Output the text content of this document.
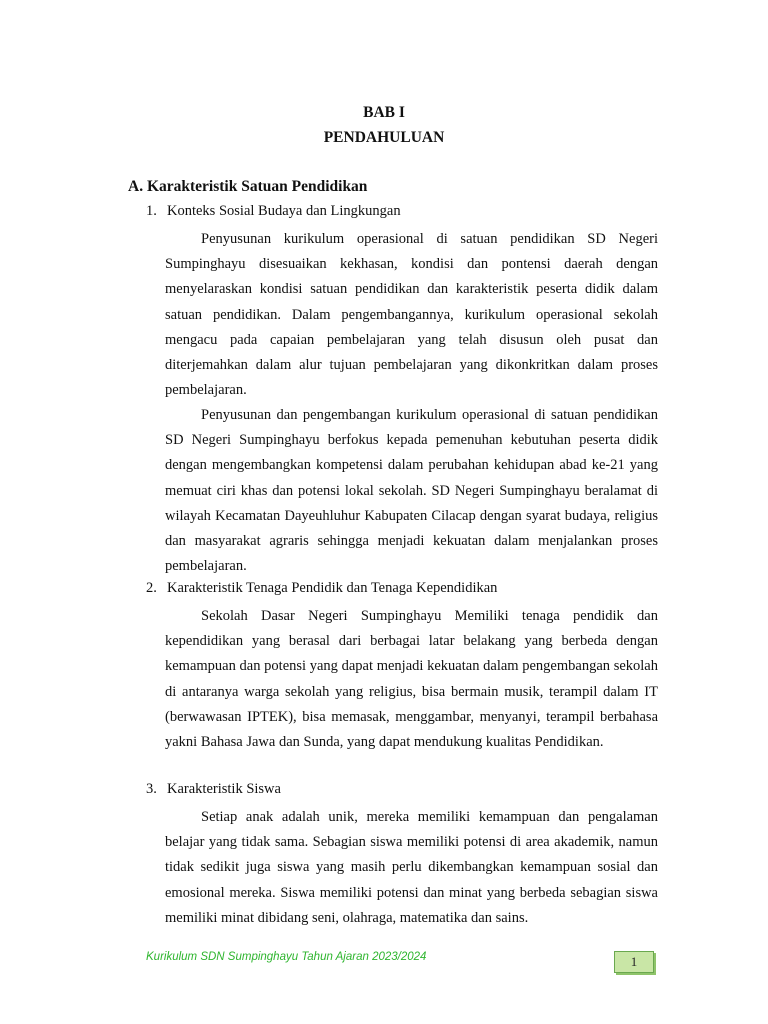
BAB I
PENDAHULUAN
A. Karakteristik Satuan Pendidikan
1. Konteks Sosial Budaya dan Lingkungan

Penyusunan kurikulum operasional di satuan pendidikan SD Negeri Sumpinghayu disesuaikan kekhasan, kondisi dan pontensi daerah dengan menyelaraskan kondisi satuan pendidikan dan karakteristik peserta didik dalam satuan pendidikan. Dalam pengembangannya, kurikulum operasional sekolah mengacu pada capaian pembelajaran yang telah disusun oleh pusat dan diterjemahkan dalam alur tujuan pembelajaran yang dikonkritkan dalam proses pembelajaran.

Penyusunan dan pengembangan kurikulum operasional di satuan pendidikan SD Negeri Sumpinghayu berfokus kepada pemenuhan kebutuhan peserta didik dengan mengembangkan kompetensi dalam perubahan kehidupan abad ke-21 yang memuat ciri khas dan potensi lokal sekolah. SD Negeri Sumpinghayu beralamat di wilayah Kecamatan Dayeuhluhur Kabupaten Cilacap dengan syarat budaya, religius dan masyarakat agraris sehingga menjadi kekuatan dalam menjalankan proses pembelajaran.

2. Karakteristik Tenaga Pendidik dan Tenaga Kependidikan

Sekolah Dasar Negeri Sumpinghayu Memiliki tenaga pendidik dan kependidikan yang berasal dari berbagai latar belakang yang berbeda dengan kemampuan dan potensi yang dapat menjadi kekuatan dalam pengembangan sekolah di antaranya warga sekolah yang religius, bisa bermain musik, terampil dalam IT (berwawasan IPTEK), bisa memasak, menggambar, menyanyi, terampil berbahasa yakni Bahasa Jawa dan Sunda, yang dapat mendukung kualitas Pendidikan.

3. Karakteristik Siswa

Setiap anak adalah unik, mereka memiliki kemampuan dan pengalaman belajar yang tidak sama. Sebagian siswa memiliki potensi di area akademik, namun tidak sedikit juga siswa yang masih perlu dikembangkan kemampuan sosial dan emosional mereka. Siswa memiliki potensi dan minat yang berbeda sebagian siswa memiliki minat dibidang seni, olahraga, matematika dan sains.

Kurikulum SDN Sumpinghayu Tahun Ajaran 2023/2024	1
